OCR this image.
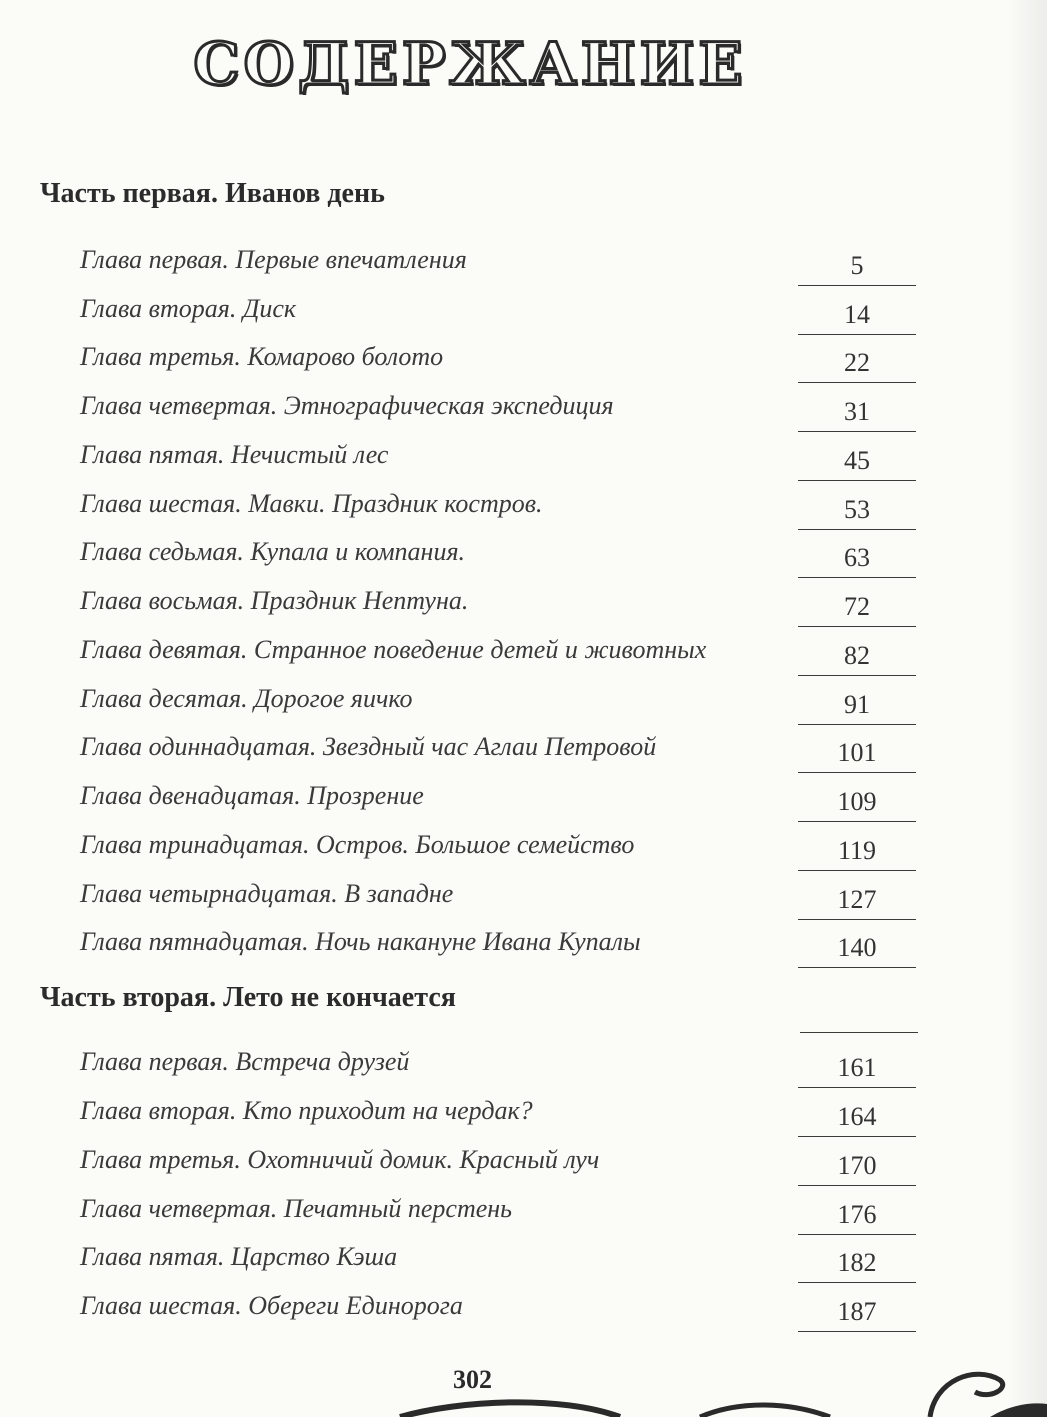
СОДЕРЖАНИЕ
Часть первая. Иванов день
Глава первая. Первые впечатления	5
Глава вторая. Диск	14
Глава третья. Комарово болото	22
Глава четвертая. Этнографическая экспедиция	31
Глава пятая. Нечистый лес	45
Глава шестая. Мавки. Праздник костров.	53
Глава седьмая. Купала и компания.	63
Глава восьмая. Праздник Нептуна.	72
Глава девятая. Странное поведение детей и животных	82
Глава десятая. Дорогое яичко	91
Глава одиннадцатая. Звездный час Аглаи Петровой	101
Глава двенадцатая. Прозрение	109
Глава тринадцатая. Остров. Большое семейство	119
Глава четырнадцатая. В западне	127
Глава пятнадцатая. Ночь накануне Ивана Купалы	140
Часть вторая. Лето не кончается
Глава первая. Встреча друзей	161
Глава вторая. Кто приходит на чердак?	164
Глава третья. Охотничий домик. Красный луч	170
Глава четвертая. Печатный перстень	176
Глава пятая. Царство Кэша	182
Глава шестая. Обереги Единорога	187
302
